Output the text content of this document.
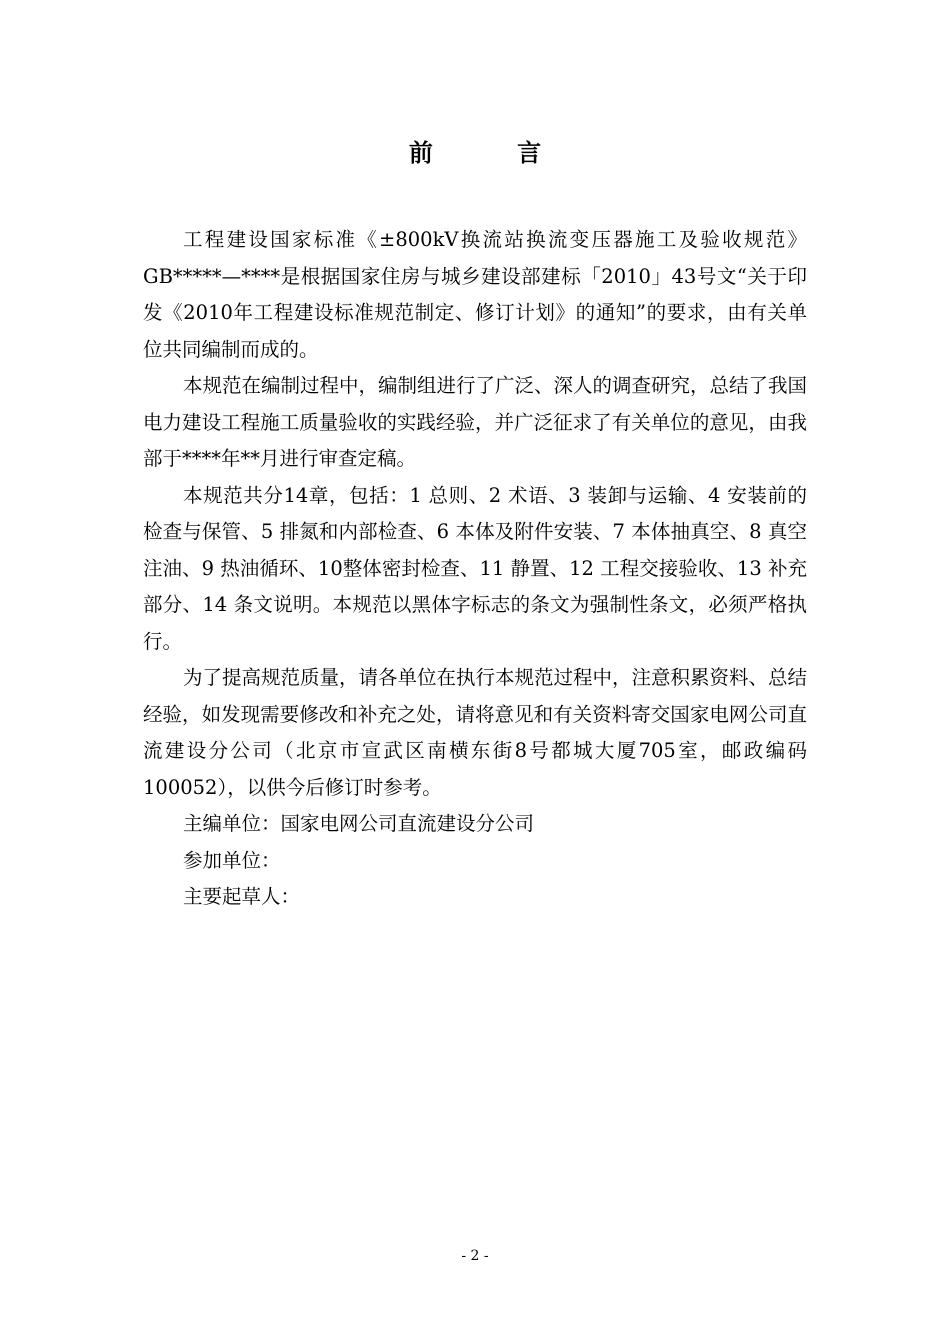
前 言

工程建设国家标准《±800kV换流站换流变压器施工及验收规范》GB*****—****是根据国家住房与城乡建设部建标「2010」43号文“关于印发《2010年工程建设标准规范制定、修订计划》的通知”的要求，由有关单位共同编制而成的。

本规范在编制过程中，编制组进行了广泛、深人的调查研究，总结了我国电力建设工程施工质量验收的实践经验，并广泛征求了有关单位的意见，由我部于****年**月进行审查定稿。

本规范共分14章，包括：1 总则、2 术语、3 装卸与运输、4 安装前的检查与保管、5 排氮和内部检查、6 本体及附件安装、7 本体抽真空、8 真空注油、9 热油循环、10整体密封检查、11 静置、12 工程交接验收、13 补充部分、14 条文说明。本规范以黑体字标志的条文为强制性条文，必须严格执行。

为了提高规范质量，请各单位在执行本规范过程中，注意积累资料、总结经验，如发现需要修改和补充之处，请将意见和有关资料寄交国家电网公司直流建设分公司（北京市宣武区南横东街8号都城大厦705室，邮政编码100052），以供今后修订时参考。

主编单位：国家电网公司直流建设分公司

参加单位：

主要起草人：

- 2 -
